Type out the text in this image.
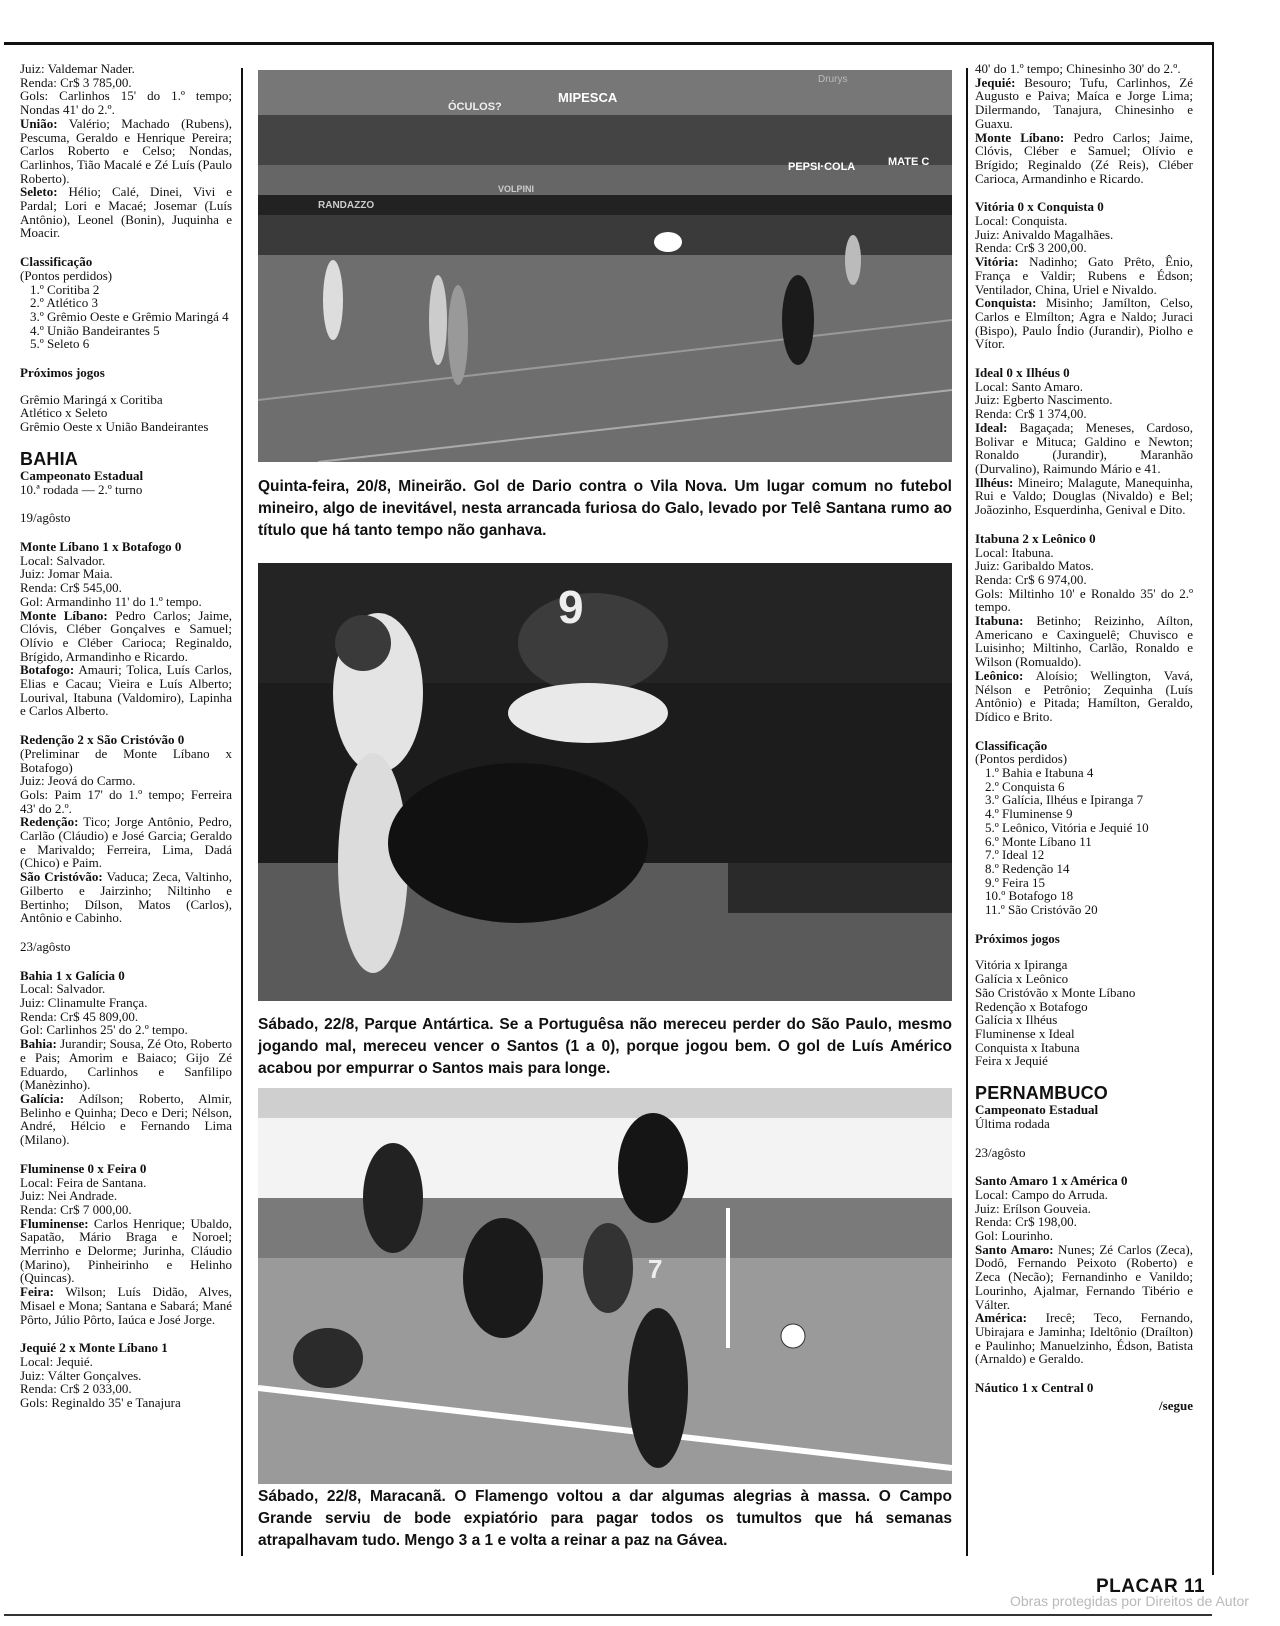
Juiz: Valdemar Nader.
Renda: Cr$ 3 785,00.
Gols: Carlinhos 15' do 1.º tempo; Nondas 41' do 2.º.
União: Valério; Machado (Rubens), Pescuma, Geraldo e Henrique Pereira; Carlos Roberto e Celso; Nondas, Carlinhos, Tião Macalé e Zé Luís (Paulo Roberto).
Seleto: Hélio; Calé, Dinei, Vivi e Pardal; Lori e Macaé; Josemar (Luís Antônio), Leonel (Bonin), Juquinha e Moacir.
Classificação
(Pontos perdidos)
1.º Coritiba 2
2.º Atlético 3
3.º Grêmio Oeste e Grêmio Maringá 4
4.º União Bandeirantes 5
5.º Seleto 6
Próximos jogos
Grêmio Maringá x Coritiba
Atlético x Seleto
Grêmio Oeste x União Bandeirantes
BAHIA
Campeonato Estadual
10.ª rodada — 2.º turno
19/agôsto
Monte Líbano 1 x Botafogo 0
Local: Salvador.
Juiz: Jomar Maia.
Renda: Cr$ 545,00.
Gol: Armandinho 11' do 1.º tempo.
Monte Líbano: Pedro Carlos; Jaime, Clóvis, Cléber Gonçalves e Samuel; Olívio e Cléber Carioca; Reginaldo, Brígido, Armandinho e Ricardo.
Botafogo: Amauri; Tolica, Luís Carlos, Elias e Cacau; Vieira e Luís Alberto; Lourival, Itabuna (Valdomiro), Lapinha e Carlos Alberto.
Redenção 2 x São Cristóvão 0
(Preliminar de Monte Líbano x Botafogo)
Juiz: Jeová do Carmo.
Gols: Paim 17' do 1.º tempo; Ferreira 43' do 2.º.
Redenção: Tico; Jorge Antônio, Pedro, Carlão (Cláudio) e José Garcia; Geraldo e Marivaldo; Ferreira, Lima, Dadá (Chico) e Paim.
São Cristóvão: Vaduca; Zeca, Valtinho, Gilberto e Jairzinho; Niltinho e Bertinho; Dílson, Matos (Carlos), Antônio e Cabinho.
23/agôsto
Bahia 1 x Galícia 0
Local: Salvador.
Juiz: Clinamulte França.
Renda: Cr$ 45 809,00.
Gol: Carlinhos 25' do 2.º tempo.
Bahia: Jurandir; Sousa, Zé Oto, Roberto e Pais; Amorim e Baiaco; Gijo Zé Eduardo, Carlinhos e Sanfilipo (Manèzinho).
Galícia: Adílson; Roberto, Almir, Belinho e Quinha; Deco e Deri; Nélson, André, Hélcio e Fernando Lima (Milano).
Fluminense 0 x Feira 0
Local: Feira de Santana.
Juiz: Nei Andrade.
Renda: Cr$ 7 000,00.
Fluminense: Carlos Henrique; Ubaldo, Sapatão, Mário Braga e Noroel; Merrinho e Delorme; Jurinha, Cláudio (Marino), Pinheirinho e Helinho (Quincas).
Feira: Wilson; Luís Didão, Alves, Misael e Mona; Santana e Sabará; Mané Pôrto, Júlio Pôrto, Iaúca e José Jorge.
Jequié 2 x Monte Líbano 1
Local: Jequié.
Juiz: Válter Gonçalves.
Renda: Cr$ 2 033,00.
Gols: Reginaldo 35' e Tanajura
ÓCULOS?
MIPESCA
PEPSI·COLA	MATE C
RANDAZZO
VOLPINI
Drurys
Quinta-feira, 20/8, Mineirão. Gol de Dario contra o Vila Nova. Um lugar comum no futebol mineiro, algo de inevitável, nesta arrancada furiosa do Galo, levado por Telê Santana rumo ao título que há tanto tempo não ganhava.
9
Sábado, 22/8, Parque Antártica. Se a Portuguêsa não mereceu perder do São Paulo, mesmo jogando mal, mereceu vencer o Santos (1 a 0), porque jogou bem. O gol de Luís Américo acabou por empurrar o Santos mais para longe.
7
Sábado, 22/8, Maracanã. O Flamengo voltou a dar algumas alegrias à massa. O Campo Grande serviu de bode expiatório para pagar todos os tumultos que há semanas atrapalhavam tudo. Mengo 3 a 1 e volta a reinar a paz na Gávea.
40' do 1.º tempo; Chinesinho 30' do 2.º.
Jequié: Besouro; Tufu, Carlinhos, Zé Augusto e Paiva; Maíca e Jorge Lima; Dilermando, Tanajura, Chinesinho e Guaxu.
Monte Líbano: Pedro Carlos; Jaime, Clóvis, Cléber e Samuel; Olívio e Brígido; Reginaldo (Zé Reis), Cléber Carioca, Armandinho e Ricardo.
Vitória 0 x Conquista 0
Local: Conquista.
Juiz: Anivaldo Magalhães.
Renda: Cr$ 3 200,00.
Vitória: Nadinho; Gato Prêto, Ênio, França e Valdir; Rubens e Édson; Ventilador, China, Uriel e Nivaldo.
Conquista: Misinho; Jamílton, Celso, Carlos e Elmílton; Agra e Naldo; Juraci (Bispo), Paulo Índio (Jurandir), Piolho e Vítor.
Ideal 0 x Ilhéus 0
Local: Santo Amaro.
Juiz: Egberto Nascimento.
Renda: Cr$ 1 374,00.
Ideal: Bagaçada; Meneses, Cardoso, Bolivar e Mituca; Galdino e Newton; Ronaldo (Jurandir), Maranhão (Durvalino), Raimundo Mário e 41.
Ilhéus: Mineiro; Malagute, Manequinha, Rui e Valdo; Douglas (Nivaldo) e Bel; Joãozinho, Esquerdinha, Genival e Dito.
Itabuna 2 x Leônico 0
Local: Itabuna.
Juiz: Garibaldo Matos.
Renda: Cr$ 6 974,00.
Gols: Miltinho 10' e Ronaldo 35' do 2.º tempo.
Itabuna: Betinho; Reizinho, Aílton, Americano e Caxinguelê; Chuvisco e Luisinho; Miltinho, Carlão, Ronaldo e Wilson (Romualdo).
Leônico: Aloísio; Wellington, Vavá, Nélson e Petrônio; Zequinha (Luís Antônio) e Pitada; Hamílton, Geraldo, Dídico e Brito.
Classificação
(Pontos perdidos)
1.º Bahia e Itabuna 4
2.º Conquista 6
3.º Galícia, Ilhéus e Ipiranga 7
4.º Fluminense 9
5.º Leônico, Vitória e Jequié 10
6.º Monte Líbano 11
7.º Ideal 12
8.º Redenção 14
9.º Feira 15
10.º Botafogo 18
11.º São Cristóvão 20
Próximos jogos
Vitória x Ipiranga
Galícia x Leônico
São Cristóvão x Monte Líbano
Redenção x Botafogo
Galícia x Ilhéus
Fluminense x Ideal
Conquista x Itabuna
Feira x Jequié
PERNAMBUCO
Campeonato Estadual
Última rodada
23/agôsto
Santo Amaro 1 x América 0
Local: Campo do Arruda.
Juiz: Erílson Gouveia.
Renda: Cr$ 198,00.
Gol: Lourinho.
Santo Amaro: Nunes; Zé Carlos (Zeca), Dodô, Fernando Peixoto (Roberto) e Zeca (Necão); Fernandinho e Vanildo; Lourinho, Ajalmar, Fernando Tibério e Válter.
América: Irecê; Teco, Fernando, Ubirajara e Jaminha; Ideltônio (Draílton) e Paulinho; Manuelzinho, Édson, Batista (Arnaldo) e Geraldo.
Náutico 1 x Central 0
/segue
PLACAR 11
Obras protegidas por Direitos de Autor
